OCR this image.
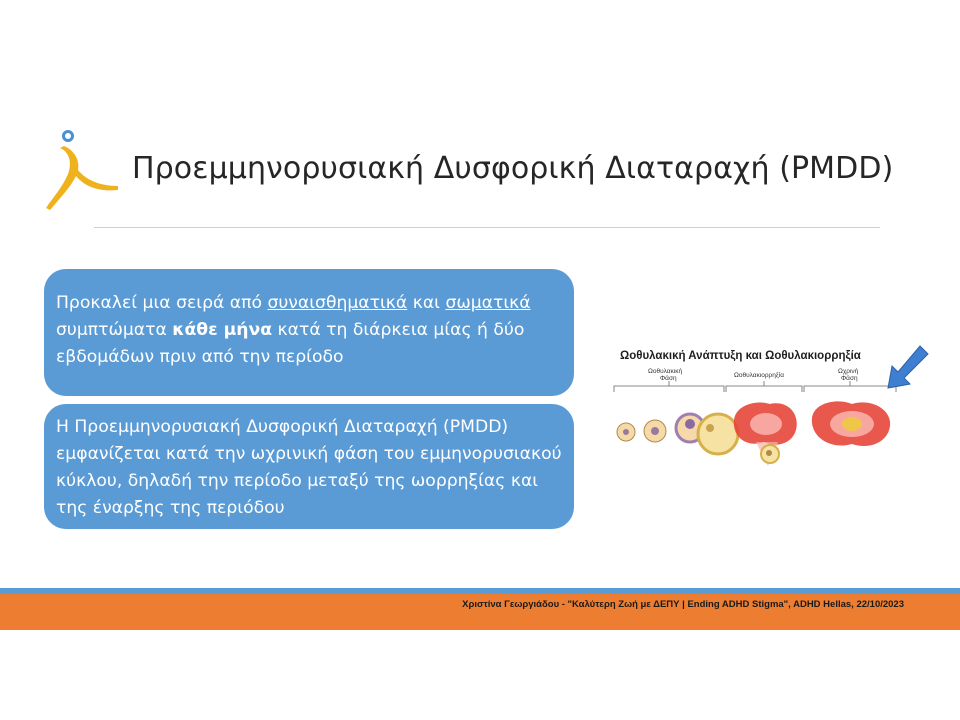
Προεμμηνορυσιακή Δυσφορική Διαταραχή (PMDD)

Προκαλεί μια σειρά από συναισθηματικά και σωματικά συμπτώματα κάθε μήνα κατά τη διάρκεια μίας ή δύο εβδομάδων πριν από την περίοδο

Η Προεμμηνορυσιακή Δυσφορική Διαταραχή (PMDD) εμφανίζεται κατά την ωχρινική φάση του εμμηνορυσιακού κύκλου, δηλαδή την περίοδο μεταξύ της ωορρηξίας και της έναρξης της περιόδου

Ωοθυλακική Ανάπτυξη και Ωοθυλακιορρηξία
Ωοθυλακική
Φάση	Ωοθυλακιορρηξία
Ωχρινή
Φάση
Χριστίνα Γεωργιάδου - "Καλύτερη Ζωή με ΔΕΠΥ | Ending ADHD Stigma", ADHD Hellas, 22/10/2023
